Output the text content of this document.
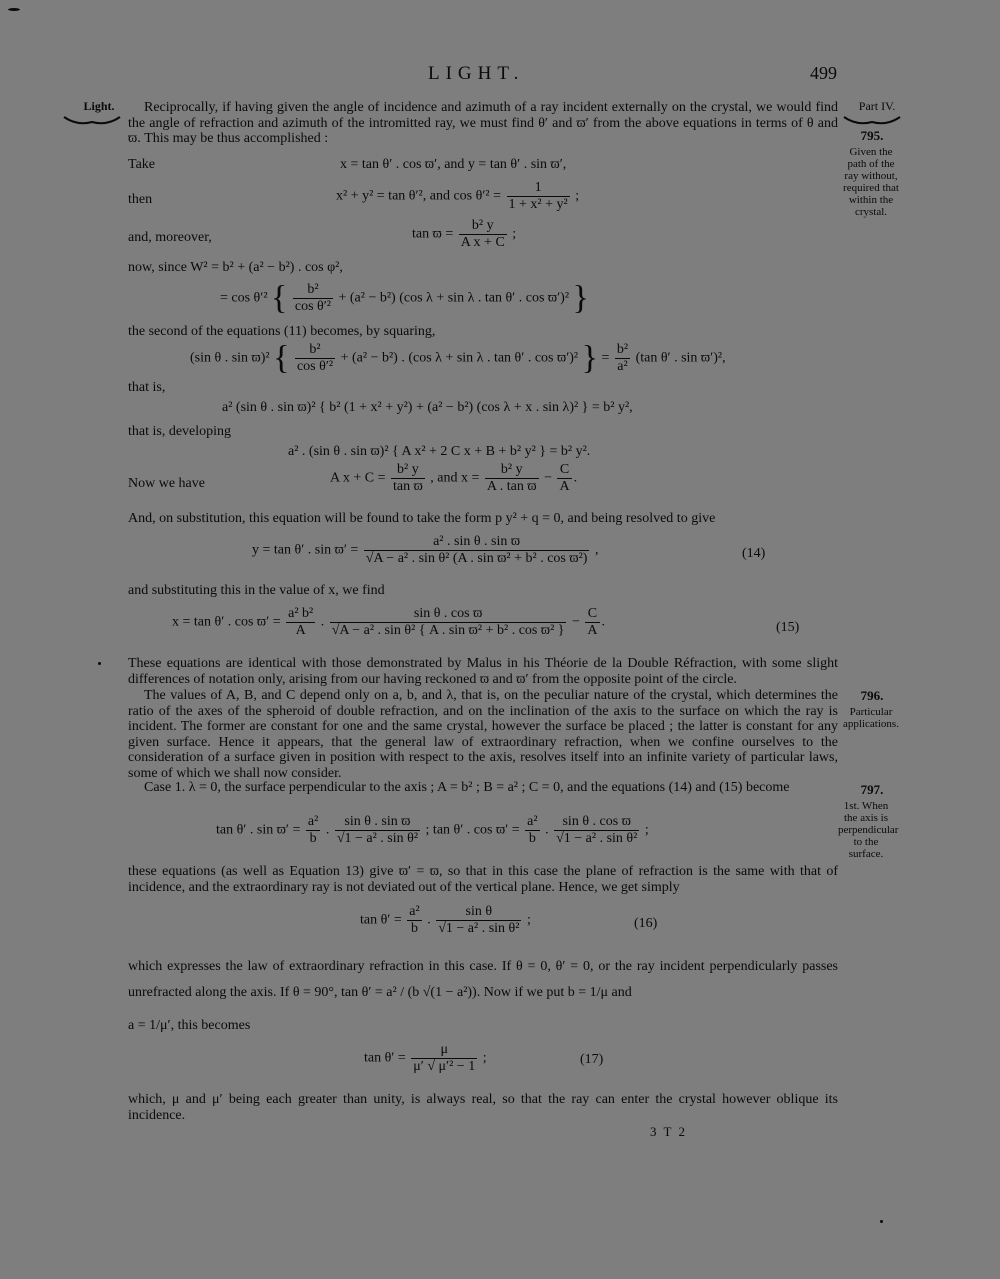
LIGHT.	499
Light.	Part IV.
795.
Given the path of the ray without, required that within the crystal.
796.
Particular applications.
797.
1st. When the axis is perpendicular to the surface.
Reciprocally, if having given the angle of incidence and azimuth of a ray incident externally on the crystal, we would find the angle of refraction and azimuth of the intromitted ray, we must find θ′ and ϖ′ from the above equations in terms of θ and ϖ. This may be thus accomplished :
Take	x = tan θ′ . cos ϖ′, and y = tan θ′ . sin ϖ′,
then	x² + y² = tan θ′², and $\cos \theta'^2 = \frac{1}{\text{1 + x² + y²}}$ ;
and, moreover,	$\tan ϖ = \frac{\text{b² y}}{\text{A x + C}}$ ;
now, since W² = b² + (a² − b²) . cos φ²,
= cos θ′² { $\frac{\text{b²}}{\text{cos θ′²}} + (a^2 - b^2)$ (cos λ + sin λ . tan θ′ . cos ϖ′)² }
the second of the equations (11) becomes, by squaring,
(sin θ . sin ϖ)² { $\frac{\text{b²}}{\text{cos θ′²}} + (a^2 - b^2)$ . (cos λ + sin λ . tan θ′ . cos ϖ′)² } = $\frac{\text{b²}}{\text{a²}} (\tan$ θ′ . sin ϖ′)²,
that is,
a² (sin θ . sin ϖ)² { b² (1 + x² + y²) + (a² − b²) (cos λ + x . sin λ)² } = b² y²,
that is, developing
a² . (sin θ . sin ϖ)² { A x² + 2 C x + B + b² y² } = b² y².
Now we have	A $x + C = \frac{\text{b² y}}{\text{tan ϖ}}$ , and $x = \frac{\text{b² y}}{\text{A . tan ϖ}} - \frac{C}{A}$ .
And, on substitution, this equation will be found to take the form p y² + q = 0, and being resolved to give
y = tan θ′ . $\sin ϖ' = \frac{\text{a² . sin θ . sin ϖ}}{\text{√A − a² . sin θ² (A . sin ϖ² + b² . cos ϖ²)}}$ ,	(14)
and substituting this in the value of x, we find
x = tan θ′ . $\cos ϖ' = \frac{\text{a² b²}}{A}$ . $\frac{\text{sin θ . cos ϖ}}{\text{√A − a² . sin θ² \{ A . sin ϖ² + b² . cos ϖ² \}}} - \frac{C}{A}$ .	(15)
These equations are identical with those demonstrated by Malus in his Théorie de la Double Réfraction, with some slight differences of notation only, arising from our having reckoned ϖ and ϖ′ from the opposite point of the circle.
The values of A, B, and C depend only on a, b, and λ, that is, on the peculiar nature of the crystal, which determines the ratio of the axes of the spheroid of double refraction, and on the inclination of the axis to the surface on which the ray is incident. The former are constant for one and the same crystal, however the surface be placed ; the latter is constant for any given surface. Hence it appears, that the general law of extraordinary refraction, when we confine ourselves to the consideration of a surface given in position with respect to the axis, resolves itself into an infinite variety of particular laws, some of which we shall now consider.
Case 1. λ = 0, the surface perpendicular to the axis ; A = b² ; B = a² ; C = 0, and the equations (14) and (15) become
tan θ′ . $\sin ϖ' = \frac{\text{a²}}{b}$ . $\frac{\text{sin θ . sin ϖ}}{\text{√1 − a² . sin θ²}}$ ; tan θ′ . $\cos ϖ' = \frac{\text{a²}}{b}$ . $\frac{\text{sin θ . cos ϖ}}{\text{√1 − a² . sin θ²}}$ ;
these equations (as well as Equation 13) give ϖ′ = ϖ, so that in this case the plane of refraction is the same with that of incidence, and the extraordinary ray is not deviated out of the vertical plane. Hence, we get simply
$\tan \theta' = \frac{\text{a²}}{b}$ . $\frac{\text{sin θ}}{\text{√1 − a² . sin θ²}}$ ;	(16)
which expresses the law of extraordinary refraction in this case. If θ = 0, θ′ = 0, or the ray incident perpendicularly passes unrefracted along the axis. If θ = 90°, tan θ′ = a² / (b √(1 − a²)). Now if we put b = 1/μ and
a = 1/μ′, this becomes
$\tan \theta' = \frac{\mu}{\text{μ′ √ μ′² − 1}}$ ;	(17)
which, μ and μ′ being each greater than unity, is always real, so that the ray can enter the crystal however oblique its incidence.
3 T 2
